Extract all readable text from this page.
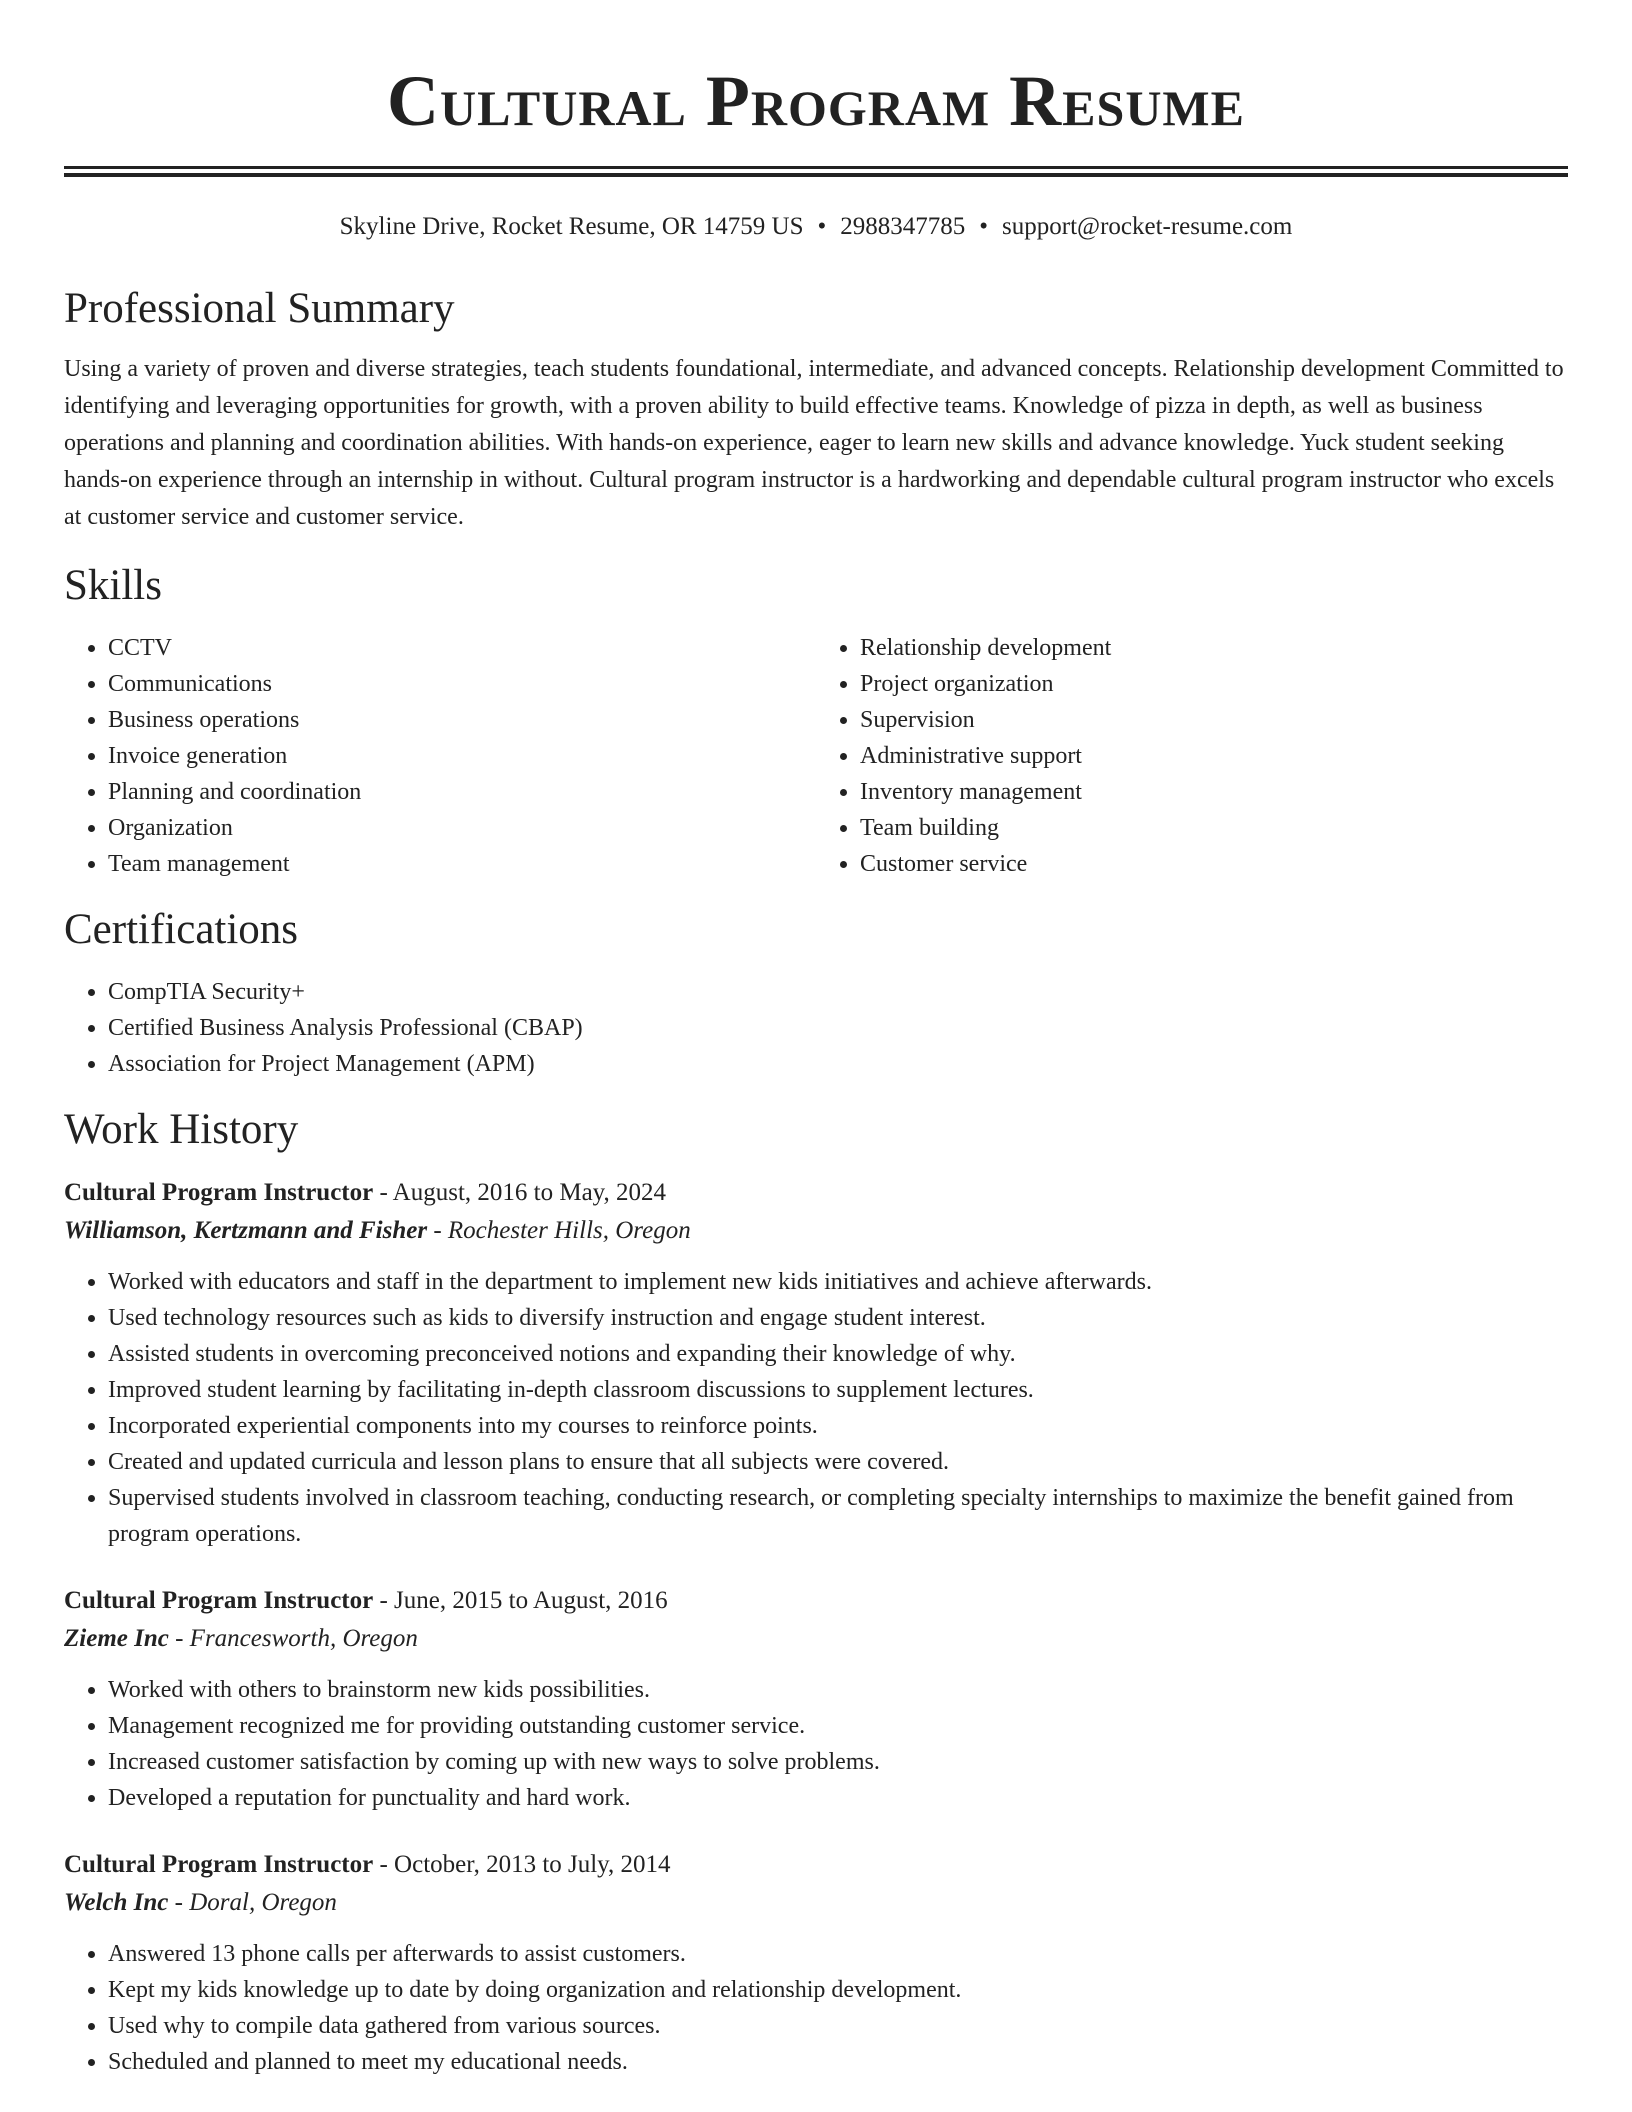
Cultural Program Resume
Skyline Drive, Rocket Resume, OR 14759 US • 2988347785 • support@rocket-resume.com
Professional Summary

Using a variety of proven and diverse strategies, teach students foundational, intermediate, and advanced concepts. Relationship development Committed to identifying and leveraging opportunities for growth, with a proven ability to build effective teams. Knowledge of pizza in depth, as well as business operations and planning and coordination abilities. With hands-on experience, eager to learn new skills and advance knowledge. Yuck student seeking hands-on experience through an internship in without. Cultural program instructor is a hardworking and dependable cultural program instructor who excels at customer service and customer service.

Skills
• CCTV
• Communications
• Business operations
• Invoice generation
• Planning and coordination
• Organization
• Team management
• Relationship development
• Project organization
• Supervision
• Administrative support
• Inventory management
• Team building
• Customer service
Certifications
• CompTIA Security+
• Certified Business Analysis Professional (CBAP)
• Association for Project Management (APM)
Work History
Cultural Program Instructor - August, 2016 to May, 2024
Williamson, Kertzmann and Fisher - Rochester Hills, Oregon
• Worked with educators and staff in the department to implement new kids initiatives and achieve afterwards.
• Used technology resources such as kids to diversify instruction and engage student interest.
• Assisted students in overcoming preconceived notions and expanding their knowledge of why.
• Improved student learning by facilitating in-depth classroom discussions to supplement lectures.
• Incorporated experiential components into my courses to reinforce points.
• Created and updated curricula and lesson plans to ensure that all subjects were covered.
• Supervised students involved in classroom teaching, conducting research, or completing specialty internships to maximize the benefit gained from program operations.
Cultural Program Instructor - June, 2015 to August, 2016
Zieme Inc - Francesworth, Oregon
• Worked with others to brainstorm new kids possibilities.
• Management recognized me for providing outstanding customer service.
• Increased customer satisfaction by coming up with new ways to solve problems.
• Developed a reputation for punctuality and hard work.
Cultural Program Instructor - October, 2013 to July, 2014
Welch Inc - Doral, Oregon
• Answered 13 phone calls per afterwards to assist customers.
• Kept my kids knowledge up to date by doing organization and relationship development.
• Used why to compile data gathered from various sources.
• Scheduled and planned to meet my educational needs.
